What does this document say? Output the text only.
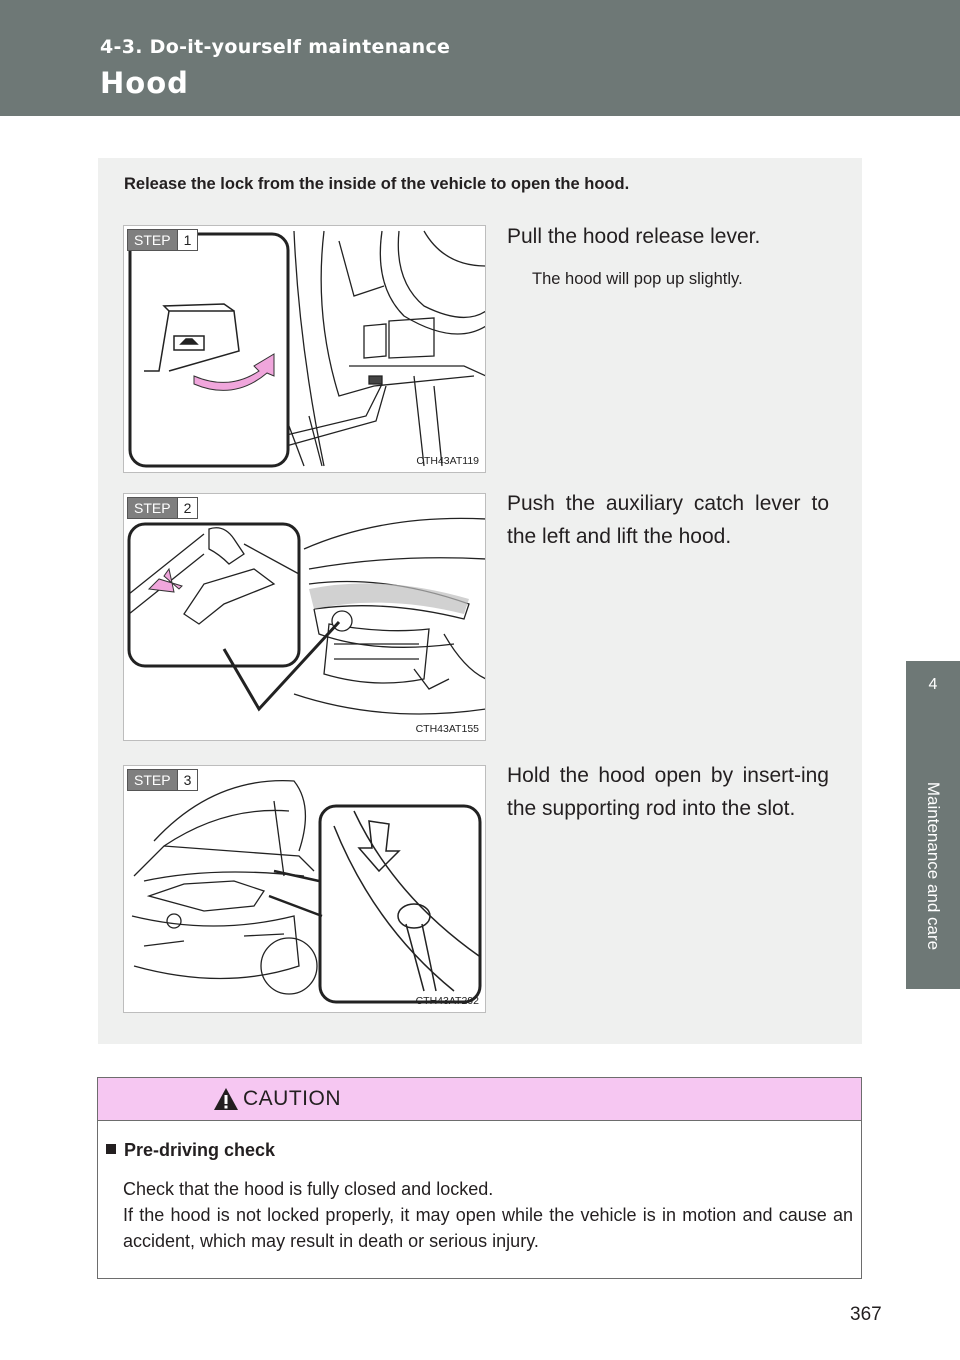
4-3. Do-it-yourself maintenance
Hood
4
Maintenance and care
Release the lock from the inside of the vehicle to open the hood.
STEP 1
CTH43AT119
Pull the hood release lever.
The hood will pop up slightly.
STEP 2
CTH43AT155
Push the auxiliary catch lever to the left and lift the hood.
STEP 3
CTH43AT292
Hold the hood open by insert-ing the supporting rod into the slot.
CAUTION
Pre-driving check

Check that the hood is fully closed and locked.

If the hood is not locked properly, it may open while the vehicle is in motion and cause an accident, which may result in death or serious injury.

367
